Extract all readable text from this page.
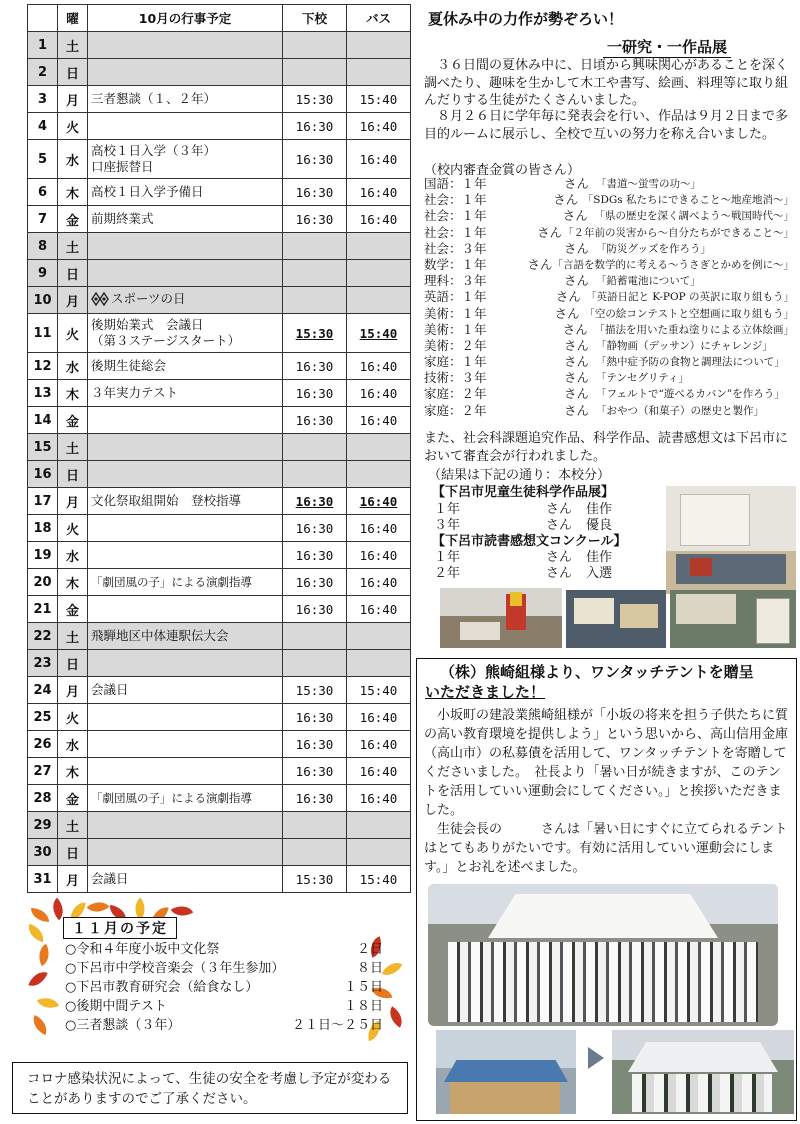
	曜	10月の行事予定	下校	バス
1	土	

2	日	

3	月	三者懇談（１、２年）	15:30	15:40
4	火		16:30	16:40
5	水	高校１日入学（３年）
口座振替日	16:30	16:40
6	木	高校１日入学予備日	16:30	16:40
7	金	前期終業式	16:30	16:40
8	土	

9	日	

10	月	スポーツの日		

11	火	後期始業式　会議日
（第３ステージスタート）	15:30	15:40
12	水	後期生徒総会	16:30	16:40
13	木	３年実力テスト	16:30	16:40
14	金		16:30	16:40
15	土	

16	日	

17	月	文化祭取組開始　登校指導	16:30	16:40
18	火		16:30	16:40
19	水		16:30	16:40
20	木	「劇団風の子」による演劇指導	16:30	16:40
21	金		16:30	16:40
22	土	飛騨地区中体連駅伝大会		

23	日	

24	月	会議日	15:30	15:40
25	火		16:30	16:40
26	水		16:30	16:40
27	木		16:30	16:40
28	金	「劇団風の子」による演劇指導	16:30	16:40
29	土	

30	日	

31	月	会議日	15:30	15:40
１１月の予定
○令和４年度小坂中文化祭	２日
○下呂市中学校音楽会（３年生参加）	８日
○下呂市教育研究会（給食なし）	１５日
○後期中間テスト	１８日
○三者懇談（３年）	２１日～２５日
コロナ感染状況によって、生徒の安全を考慮し予定が変わることがありますのでご了承ください。
夏休み中の力作が勢ぞろい！
一研究・一作品展

３６日間の夏休み中に、日頃から興味関心があることを深く調べたり、趣味を生かして木工や書写、絵画、料理等に取り組んだりする生徒がたくさんいました。

８月２６日に学年毎に発表会を行い、作品は９月２日まで多目的ルームに展示し、全校で互いの努力を称え合いました。

（校内審査金賞の皆さん）
国語：１年	さん 「書道～蛍雪の功～」
社会：１年	さん 「SDGs 私たちにできること～地産地消～」
社会：１年	さん 「県の歴史を深く調べよう～戦国時代～」
社会：１年	さん 「２年前の災害から～自分たちができること～」
社会：３年	さん 「防災グッズを作ろう」
数学：１年	さん 「言語を数学的に考える～うさぎとかめを例に～」
理科：３年	さん 「鉛蓄電池について」
英語：１年	さん 「英語日記と K-POP の英訳に取り組もう」
美術：１年	さん 「空の絵コンテストと空想画に取り組もう」
美術：１年	さん 「描法を用いた重ね塗りによる立体絵画」
美術：２年	さん 「静物画（デッサン）にチャレンジ」
家庭：１年	さん 「熱中症予防の食物と調理法について」
技術：３年	さん 「テンセグリティ」
家庭：２年	さん 「フェルトで“遊べるカバン”を作ろう」
家庭：２年	さん 「おやつ（和菓子）の歴史と製作」

また、社会科課題追究作品、科学作品、読書感想文は下呂市において審査会が行われました。

（結果は下記の通り：本校分）
【下呂市児童生徒科学作品展】
１年	さん	佳作
３年	さん	優良
【下呂市読書感想文コンクール】
１年	さん	佳作
２年	さん	入選
（株）熊崎組様より、ワンタッチテントを贈呈
いただきました！

小坂町の建設業熊崎組様が「小坂の将来を担う子供たちに質の高い教育環境を提供しよう」という思いから、高山信用金庫（高山市）の私募債を活用して、ワンタッチテントを寄贈してくださいました。　社長より「暑い日が続きますが、このテントを活用していい運動会にしてください。」と挨拶いただきました。

生徒会長の　　　さんは「暑い日にすぐに立てられるテントはとてもありがたいです。有効に活用していい運動会にします。」とお礼を述べました。
